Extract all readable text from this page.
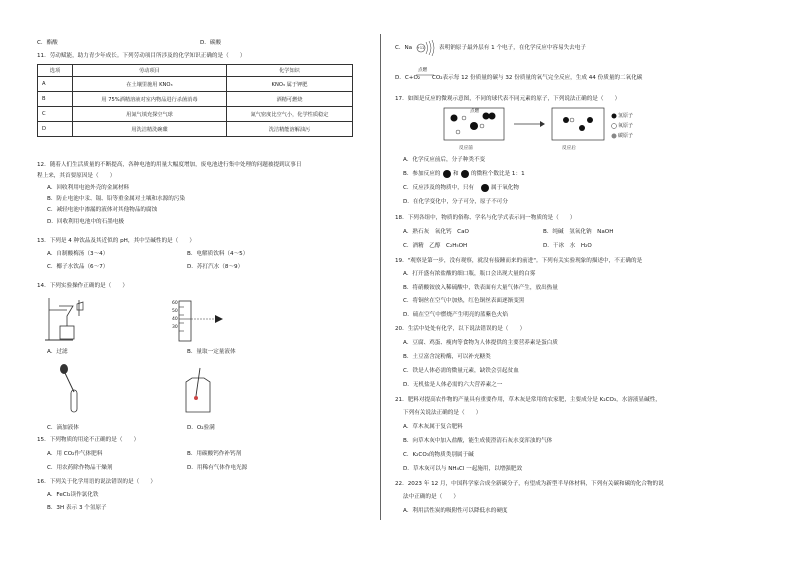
C．酯酸	D．碳酸
11．劳动赋能，助力青少年成长。下列劳动项目所涉及的化学知识正确的是（　　）
选项	劳动项目	化学知识
A	在土壤里施用 KNO₃	KNO₃ 属于钾肥
B	用 75%酒精溶液对室内物品进行杀菌消毒	酒精可燃烧
C	用氮气填充探空气球	氮气密度比空气小，化学性质稳定
D	用洗洁精洗碗碟	洗洁精能溶解油污
12．随着人们生活质量的不断提高，各种电池的用量大幅度增加，废电池进行集中处理的问题被提到议事日
程上来，其首要原因是（　　）
A．回收利用电池外壳的金属材料
B．防止电池中汞、镉、铅等重金属对土壤和水源的污染
C．减轻电池中渗漏的液体对其他物品的腐蚀
D．回收利用电池中的石墨电极
13．下列是 4 种饮品及其近似的 pH，其中呈碱性的是（　　）
A．自制酸梅汤（3～4）	B．电解质饮料（4～5）
C．椰子水饮品（6～7）	D．苏打汽水（8～9）
14．下列实验操作正确的是（　　）
A．过滤
60
50
40
30
B．量取一定量液体
C．滴加液体	D．O₂验满
15．下列物质的用途不正确的是（　　）
A．用 CO₂作气体肥料	B．用碳酸钙作补钙剂
C．用农药除作物品干燥剂	D．用稀有气体作电光源
16．下列关于化学用语的说法错误的是（　　）
A．FeCl₂读作氯化铁
B．3H 表示 3 个氢原子
C．Na +11	表明钠原子最外层有 1 个电子，在化学反应中容易失去电子
点燃
D．C+O₂ CO₂表示每 12 份质量的碳与 32 份质量的氧气完全反应，生成 44 份质量的二氧化碳
17．如图是反应的微观示意图，不同的球代表不同元素的原子，下列说法正确的是（　　）
点燃
反应前	反应后
氢原子
氧原子
碳原子
A．化学反应前后，分子种类不变
B．参加反应的 和 的微粒个数比是 1：1
C．反应涉及的物质中，只有	属于氧化物
D．在化学变化中，分子可分，原子不可分
18．下列各组中，物质的俗称、学名与化学式表示同一物质的是（　　）
A．熟石灰　氧化钙　CaO	B．纯碱　氢氧化钠　NaOH
C．酒精　乙醇　C₂H₅OH	D．干冰　水　H₂O
19．"观察是第一步，没有观察，就没有接踵而来的前进"。下列有关实验现象的描述中，不正确的是
A．打开盛有浓盐酸的细口瓶，瓶口会出现大量的白雾
B．将硝酸铵放入稀硫酸中，铁表面有大量气体产生，放出热量
C．将铜丝在空气中加热，红色铜丝表面逐渐变黑
D．硫在空气中燃烧产生明亮的蓝紫色火焰
20．生活中处处有化学，以下说法错误的是（　　）
A．豆腐、鸡蛋、瘦肉等食物为人体提供的主要营养素是蛋白质
B．土豆富含淀粉酶，可以补充糖类
C．铁是人体必需的微量元素，缺铁会引起贫血
D．无机盐是人体必需的六大营养素之一
21．肥料对提高农作物的产量具有重要作用，草木灰是常用的农家肥，主要成分是 K₂CO₃，水溶液显碱性，
下列有关说法正确的是（　　）
A．草木灰属于复合肥料
B．向草木灰中加入盐酸，能生成使澄清石灰水变浑浊的气体
C．K₂CO₃的物质类别属于碱
D．草木灰可以与 NH₄Cl 一起施用，以增强肥效
22．2023 年 12 月，中国科学家合成全新碳分子，有望成为新型半导体材料，下列有关碳和碳的化合物的说
法中正确的是（　　）
A．利用活性炭的吸附性可以降低水的硬度
